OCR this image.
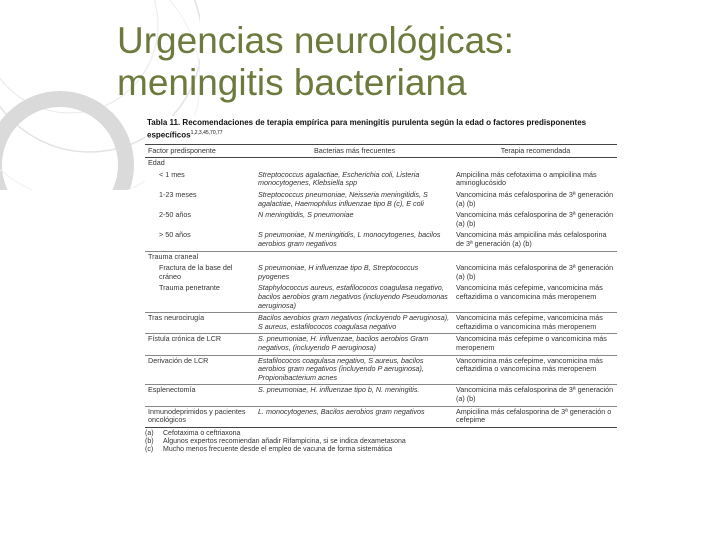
Urgencias neurológicas:
meningitis bacteriana
Tabla 11. Recomendaciones de terapia empírica para meningitis purulenta según la edad o factores predisponentes específicos$^{1,2,3,45,70,77}$
Factor predisponente	Bacterias más frecuentes	Terapia recomendada
Edad		
< 1 mes	Streptococcus agalactiae, Escherichia coli, Listeria monocytogenes, Klebsiella spp	Ampicilina más cefotaxima o ampicilina más aminoglucósido
1-23 meses	Streptococcus pneumoniae, Neisseria meningitidis, S agalactiae, Haemophilus influenzae tipo B (c), E coli	Vancomicina más cefalosporina de 3ª generación (a) (b)
2-50 años	N meningitidis, S pneumoniae	Vancomicina más cefalosporina de 3ª generación (a) (b)
> 50 años	S pneumoniae, N meningitidis, L monocytogenes, bacilos aerobios gram negativos	Vancomicina más ampicilina más cefalosporina de 3ª generación (a) (b)
Trauma craneal		
Fractura de la base del cráneo	S pneumoniae, H influenzae tipo B, Streptococcus pyogenes	Vancomicina más cefalosporina de 3ª generación (a) (b)
Trauma penetrante	Staphylococcus aureus, estafilococos coagulasa negativo, bacilos aerobios gram negativos (incluyendo Pseudomonas aeruginosa)	Vancomicina más cefepime, vancomicina más ceftazidima o vancomicina más meropenem
Tras neurocirugía	Bacilos aerobios gram negativos (incluyendo P aeruginosa), S aureus, estafilococos coagulasa negativo	Vancomicina más cefepime, vancomicina más ceftazidima o vancomicina más meropenem
Fístula crónica de LCR	S. pneumoniae, H. influenzae, bacilos aerobios Gram negativos, (incluyendo P aeruginosa)	Vancomicina más cefepime o vancomicina más meropenem
Derivación de LCR	Estafilococos coagulasa negativo, S aureus, bacilos aerobios gram negativos (incluyendo P aeruginosa), Propionibacterium acnes	Vancomicina más cefepime, vancomicina más ceftazidima o vancomicina más meropenem
Esplenectomía	S. pneumoniae, H. influenzae tipo b, N. meningitis.	Vancomicina más cefalosporina de 3ª generación (a) (b)
Inmunodeprimidos y pacientes oncológicos	L. monocytogenes, Bacilos aerobios gram negativos	Ampicilina más cefalosporina de 3ª generación o cefepime
(a)	Cefotaxima o ceftriaxona
(b)	Algunos expertos recomiendan añadir Rifampicina, si se indica dexametasona
(c)	Mucho menos frecuente desde el empleo de vacuna de forma sistemática
